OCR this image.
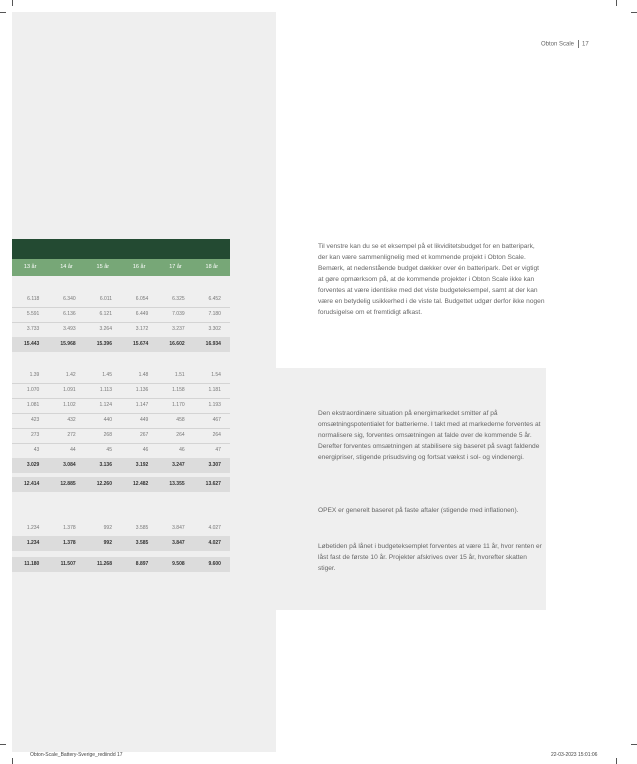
Obton Scale 17
13 år	14 år	15 år	16 år	17 år	18 år
6.118	6.340	6.011	6.054	6.325	6.452
5.591	6.136	6.121	6.449	7.039	7.180
3.733	3.493	3.264	3.172	3.237	3.302
15.443	15.968	15.396	15.674	16.602	16.934
1.39	1.42	1.45	1.48	1.51	1.54
1.070	1.091	1.113	1.136	1.158	1.181
1.081	1.102	1.124	1.147	1.170	1.193
423	432	440	449	458	467
273	272	268	267	264	264
43	44	45	46	46	47
3.029	3.084	3.136	3.192	3.247	3.307
12.414	12.885	12.260	12.482	13.355	13.627
1.234	1.378	992	3.585	3.847	4.027
1.234	1.378	992	3.585	3.847	4.027
11.180	11.507	11.268	8.897	9.508	9.600

Til venstre kan du se et eksempel på et likviditetsbudget for en batteripark, der kan være sammenlignelig med et kommende projekt i Obton Scale. Bemærk, at nedenstående budget dækker over én batteripark. Det er vigtigt at gøre opmærksom på, at de kommende projekter i Obton Scale ikke kan forventes at være identiske med det viste budgeteksempel, samt at der kan være en betydelig usikkerhed i de viste tal. Budgettet udgør derfor ikke nogen forudsigelse om et fremtidigt afkast.

Den ekstraordinære situation på energimarkedet smitter af på omsætningspotentialet for batterierne. I takt med at markederne forventes at normalisere sig, forventes omsætningen at falde over de kommende 5 år. Derefter forventes omsætningen at stabilisere sig baseret på svagt faldende energipriser, stigende prisudsving og fortsat vækst i sol- og vindenergi.

OPEX er generelt baseret på faste aftaler (stigende med inflationen).

Løbetiden på lånet i budgeteksemplet forventes at være 11 år, hvor renten er låst fast de første 10 år. Projekter afskrives over 15 år, hvorefter skatten stiger.

Obton-Scale_Battery-Sverige_rediindd 17	22-03-2023 15:01:06
